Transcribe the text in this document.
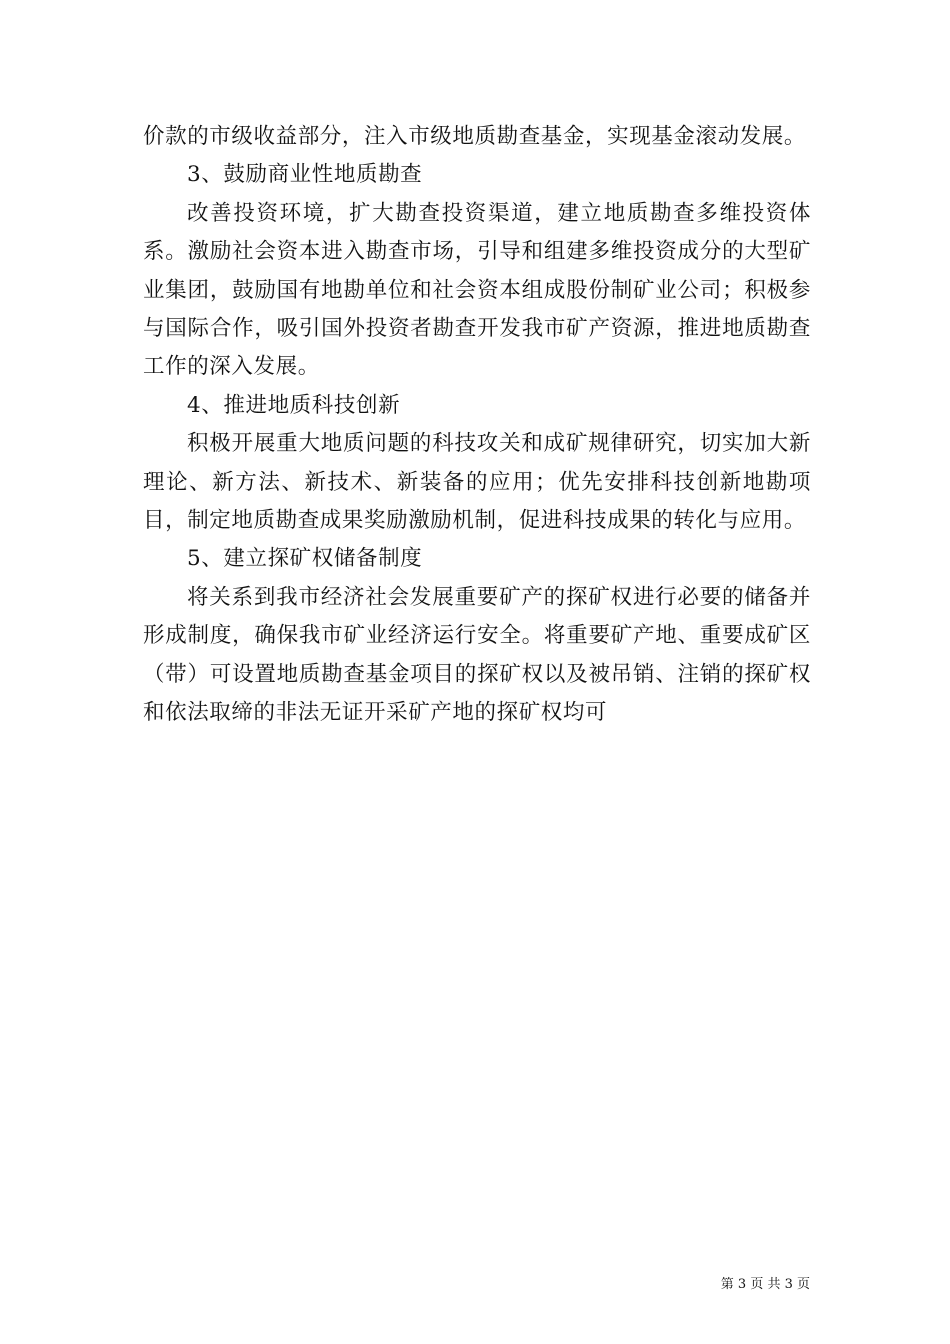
价款的市级收益部分，注入市级地质勘查基金，实现基金滚动发展。

3、鼓励商业性地质勘查

改善投资环境，扩大勘查投资渠道，建立地质勘查多维投资体系。激励社会资本进入勘查市场，引导和组建多维投资成分的大型矿业集团，鼓励国有地勘单位和社会资本组成股份制矿业公司；积极参与国际合作，吸引国外投资者勘查开发我市矿产资源，推进地质勘查工作的深入发展。

4、推进地质科技创新

积极开展重大地质问题的科技攻关和成矿规律研究，切实加大新理论、新方法、新技术、新装备的应用；优先安排科技创新地勘项目，制定地质勘查成果奖励激励机制，促进科技成果的转化与应用。

5、建立探矿权储备制度

将关系到我市经济社会发展重要矿产的探矿权进行必要的储备并形成制度，确保我市矿业经济运行安全。将重要矿产地、重要成矿区（带）可设置地质勘查基金项目的探矿权以及被吊销、注销的探矿权和依法取缔的非法无证开采矿产地的探矿权均可

第 3 页 共 3 页
